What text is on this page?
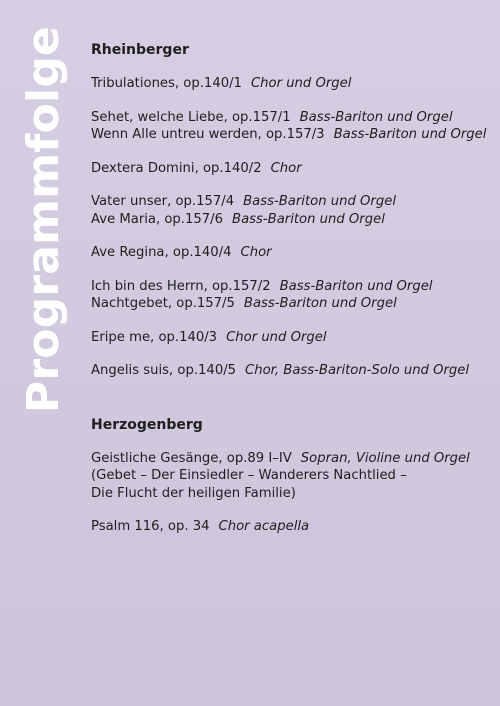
Programmfolge Rheinberger

Tribulationes, op.140/1 Chor und Orgel
Sehet, welche Liebe, op.157/1 Bass-Bariton und Orgel
Wenn Alle untreu werden, op.157/3 Bass-Bariton und Orgel
Dextera Domini, op.140/2 Chor
Vater unser, op.157/4 Bass-Bariton und Orgel
Ave Maria, op.157/6 Bass-Bariton und Orgel
Ave Regina, op.140/4 Chor
Ich bin des Herrn, op.157/2 Bass-Bariton und Orgel
Nachtgebet, op.157/5 Bass-Bariton und Orgel
Eripe me, op.140/3 Chor und Orgel
Angelis suis, op.140/5 Chor, Bass-Bariton-Solo und Orgel

Herzogenberg

Geistliche Gesänge, op.89 I–IV Sopran, Violine und Orgel
(Gebet – Der Einsiedler – Wanderers Nachtlied –
Die Flucht der heiligen Familie)
Psalm 116, op. 34 Chor acapella
